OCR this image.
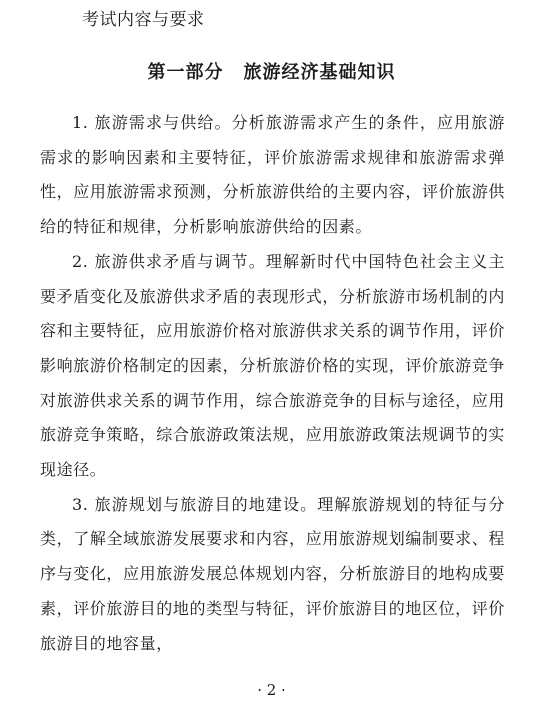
考试内容与要求
第一部分 旅游经济基础知识

1. 旅游需求与供给。分析旅游需求产生的条件，应用旅游需求的影响因素和主要特征，评价旅游需求规律和旅游需求弹性，应用旅游需求预测，分析旅游供给的主要内容，评价旅游供给的特征和规律，分析影响旅游供给的因素。

2. 旅游供求矛盾与调节。理解新时代中国特色社会主义主要矛盾变化及旅游供求矛盾的表现形式，分析旅游市场机制的内容和主要特征，应用旅游价格对旅游供求关系的调节作用，评价影响旅游价格制定的因素，分析旅游价格的实现，评价旅游竞争对旅游供求关系的调节作用，综合旅游竞争的目标与途径，应用旅游竞争策略，综合旅游政策法规，应用旅游政策法规调节的实现途径。

3. 旅游规划与旅游目的地建设。理解旅游规划的特征与分类，了解全域旅游发展要求和内容，应用旅游规划编制要求、程序与变化，应用旅游发展总体规划内容，分析旅游目的地构成要素，评价旅游目的地的类型与特征，评价旅游目的地区位，评价旅游目的地容量，

· 2 ·
